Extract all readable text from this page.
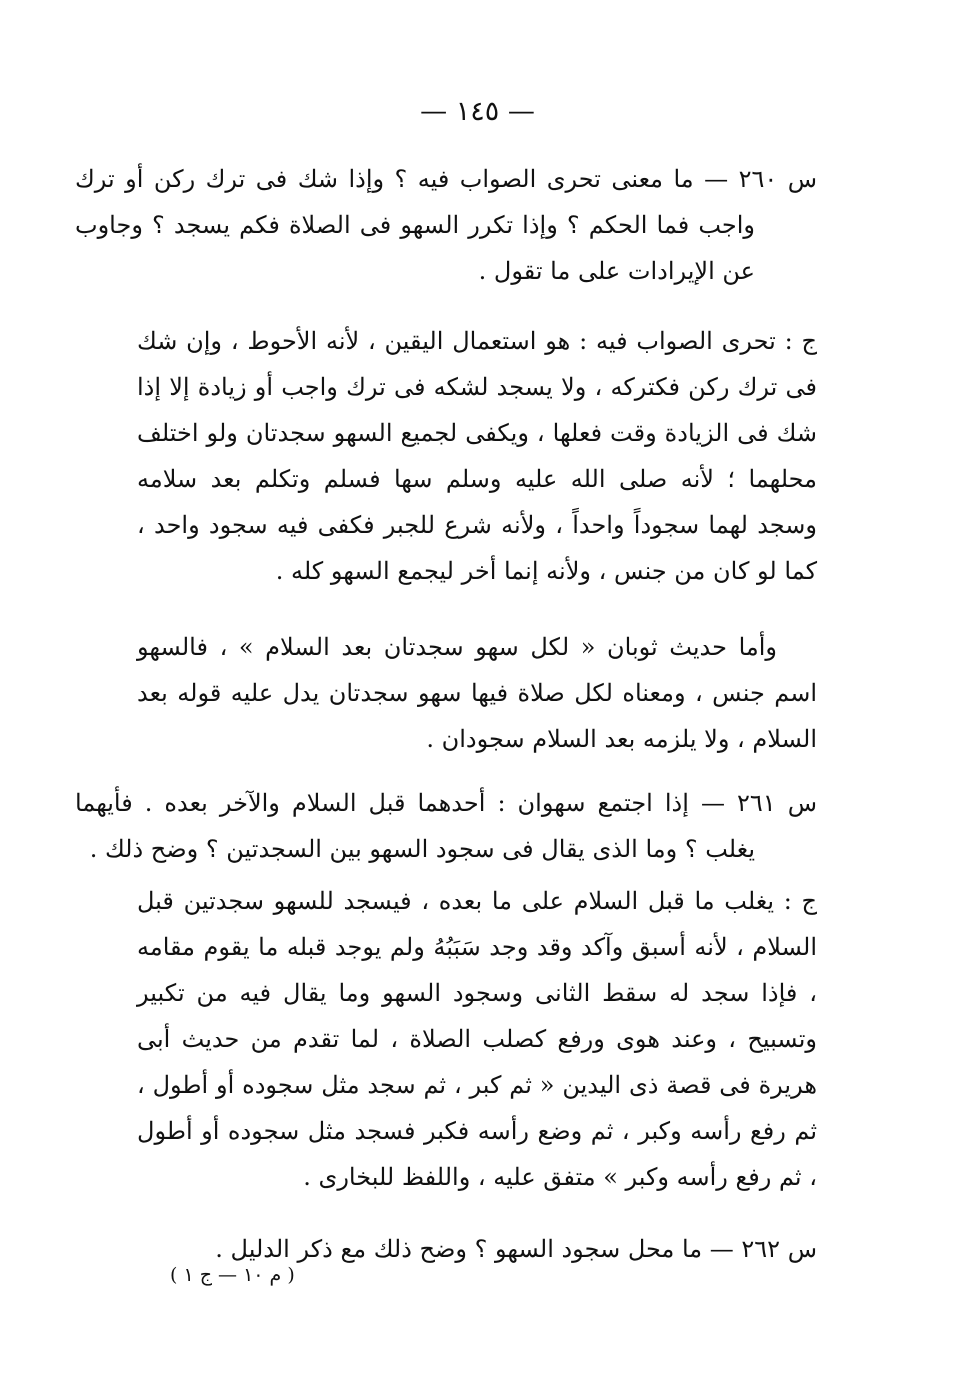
— ١٤٥ —
س ٢٦٠ — ما معنى تحرى الصواب فيه ؟ وإذا شك فى ترك ركن أو ترك واجب فما الحكم ؟ وإذا تكرر السهو فى الصلاة فكم يسجد ؟ وجاوب عن الإيرادات على ما تقول .
ج : تحرى الصواب فيه : هو استعمال اليقين ، لأنه الأحوط ، وإن شك فى ترك ركن فكتركه ، ولا يسجد لشكه فى ترك واجب أو زيادة إلا إذا شك فى الزيادة وقت فعلها ، ويكفى لجميع السهو سجدتان ولو اختلف محلهما ؛ لأنه صلى الله عليه وسلم سها فسلم وتكلم بعد سلامه وسجد لهما سجوداً واحداً ، ولأنه شرع للجبر فكفى فيه سجود واحد ، كما لو كان من جنس ، ولأنه إنما أخر ليجمع السهو كله .
وأما حديث ثوبان « لكل سهو سجدتان بعد السلام » ، فالسهو اسم جنس ، ومعناه لكل صلاة فيها سهو سجدتان يدل عليه قوله بعد السلام ، ولا يلزمه بعد السلام سجودان .
س ٢٦١ — إذا اجتمع سهوان : أحدهما قبل السلام والآخر بعده . فأيهما يغلب ؟ وما الذى يقال فى سجود السهو بين السجدتين ؟ وضح ذلك .
ج : يغلب ما قبل السلام على ما بعده ، فيسجد للسهو سجدتين قبل السلام ، لأنه أسبق وآكد وقد وجد سَبَبُهُ ولم يوجد قبله ما يقوم مقامه ، فإذا سجد له سقط الثانى وسجود السهو وما يقال فيه من تكبير وتسبيح ، وعند هوى ورفع كصلب الصلاة ، لما تقدم من حديث أبى هريرة فى قصة ذى اليدين « ثم كبر ، ثم سجد مثل سجوده أو أطول ، ثم رفع رأسه وكبر ، ثم وضع رأسه فكبر فسجد مثل سجوده أو أطول ، ثم رفع رأسه وكبر » متفق عليه ، واللفظ للبخارى .
س ٢٦٢ — ما محل سجود السهو ؟ وضح ذلك مع ذكر الدليل .
( م ١٠ — ج ١ )
